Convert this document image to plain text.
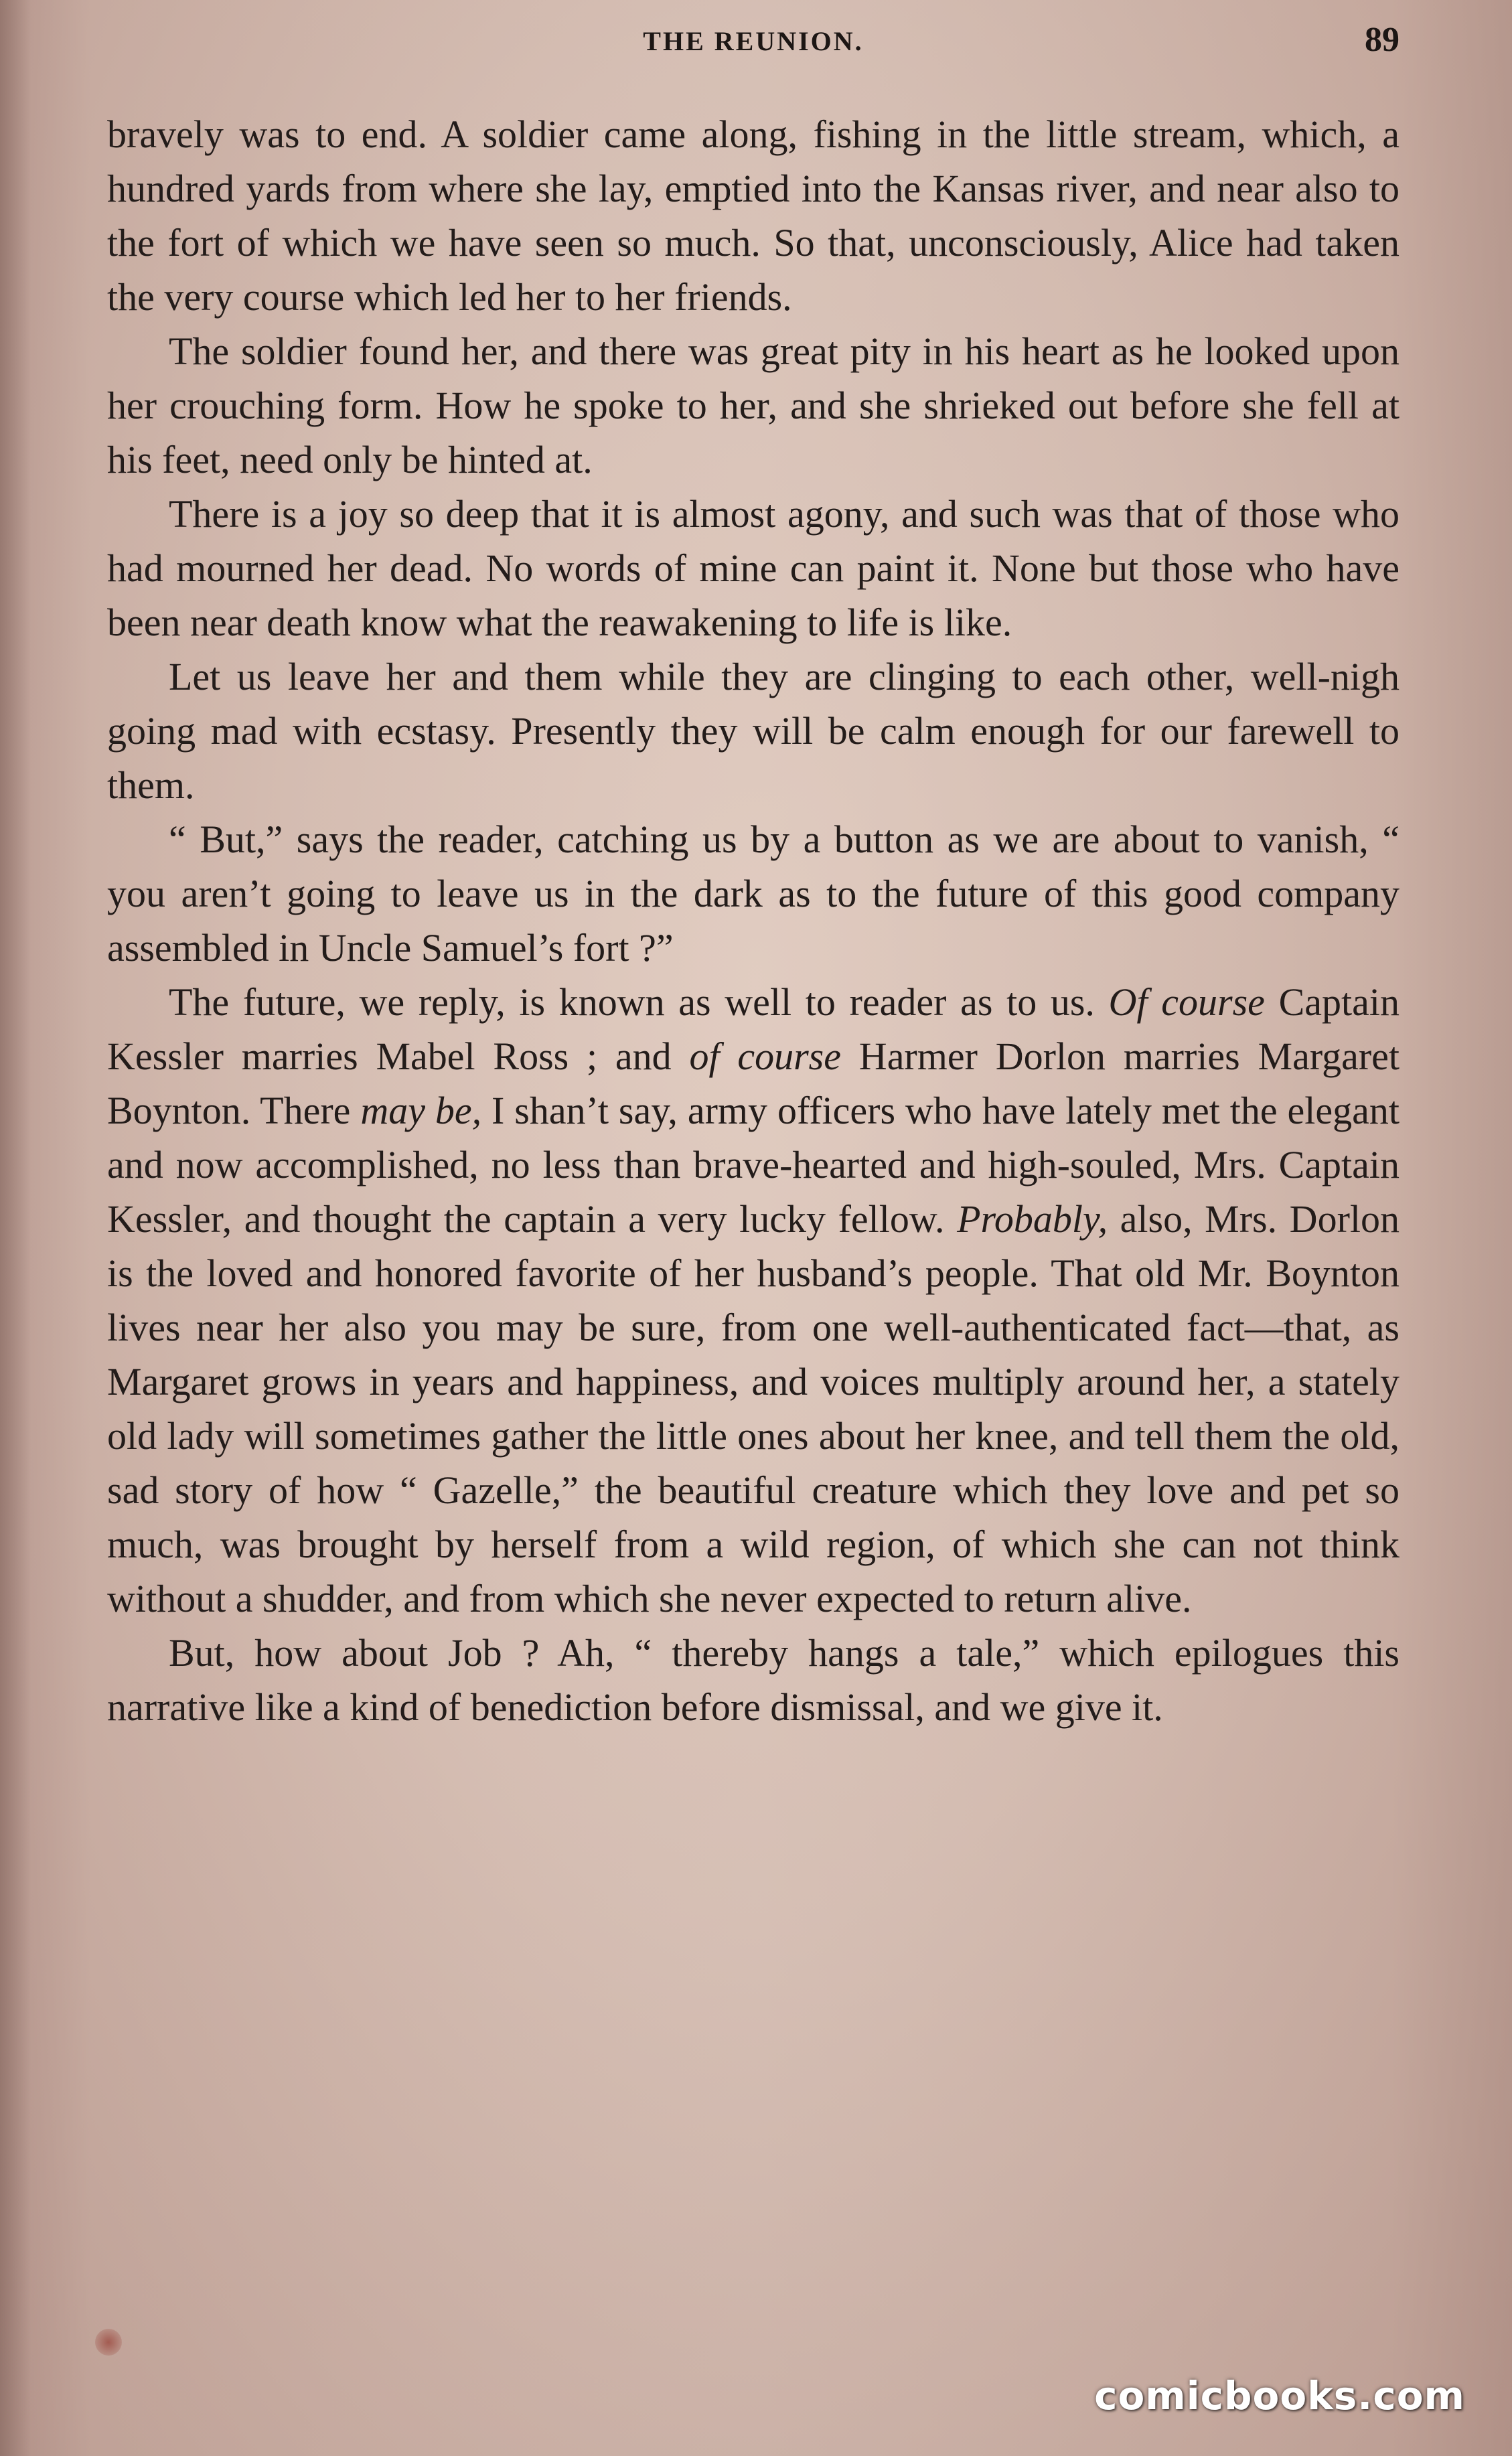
THE REUNION.	89

bravely was to end. A soldier came along, fishing in the little stream, which, a hundred yards from where she lay, emptied into the Kansas river, and near also to the fort of which we have seen so much. So that, unconsciously, Alice had taken the very course which led her to her friends.

The soldier found her, and there was great pity in his heart as he looked upon her crouching form. How he spoke to her, and she shrieked out before she fell at his feet, need only be hinted at.

There is a joy so deep that it is almost agony, and such was that of those who had mourned her dead. No words of mine can paint it. None but those who have been near death know what the reawakening to life is like.

Let us leave her and them while they are clinging to each other, well-nigh going mad with ecstasy. Presently they will be calm enough for our farewell to them.

“ But,” says the reader, catching us by a button as we are about to vanish, “ you aren’t going to leave us in the dark as to the future of this good company assembled in Uncle Samuel’s fort ?”

The future, we reply, is known as well to reader as to us. Of course Captain Kessler marries Mabel Ross ; and of course Harmer Dorlon marries Margaret Boynton. There may be, I shan’t say, army officers who have lately met the elegant and now accomplished, no less than brave-hearted and high-souled, Mrs. Captain Kessler, and thought the captain a very lucky fellow. Probably, also, Mrs. Dorlon is the loved and honored favorite of her husband’s people. That old Mr. Boynton lives near her also you may be sure, from one well-authenticated fact—that, as Margaret grows in years and happiness, and voices multiply around her, a stately old lady will sometimes gather the little ones about her knee, and tell them the old, sad story of how “ Gazelle,” the beautiful creature which they love and pet so much, was brought by herself from a wild region, of which she can not think without a shudder, and from which she never expected to return alive.

But, how about Job ? Ah, “ thereby hangs a tale,” which epilogues this narrative like a kind of benediction before dismissal, and we give it.

comicbooks.com
